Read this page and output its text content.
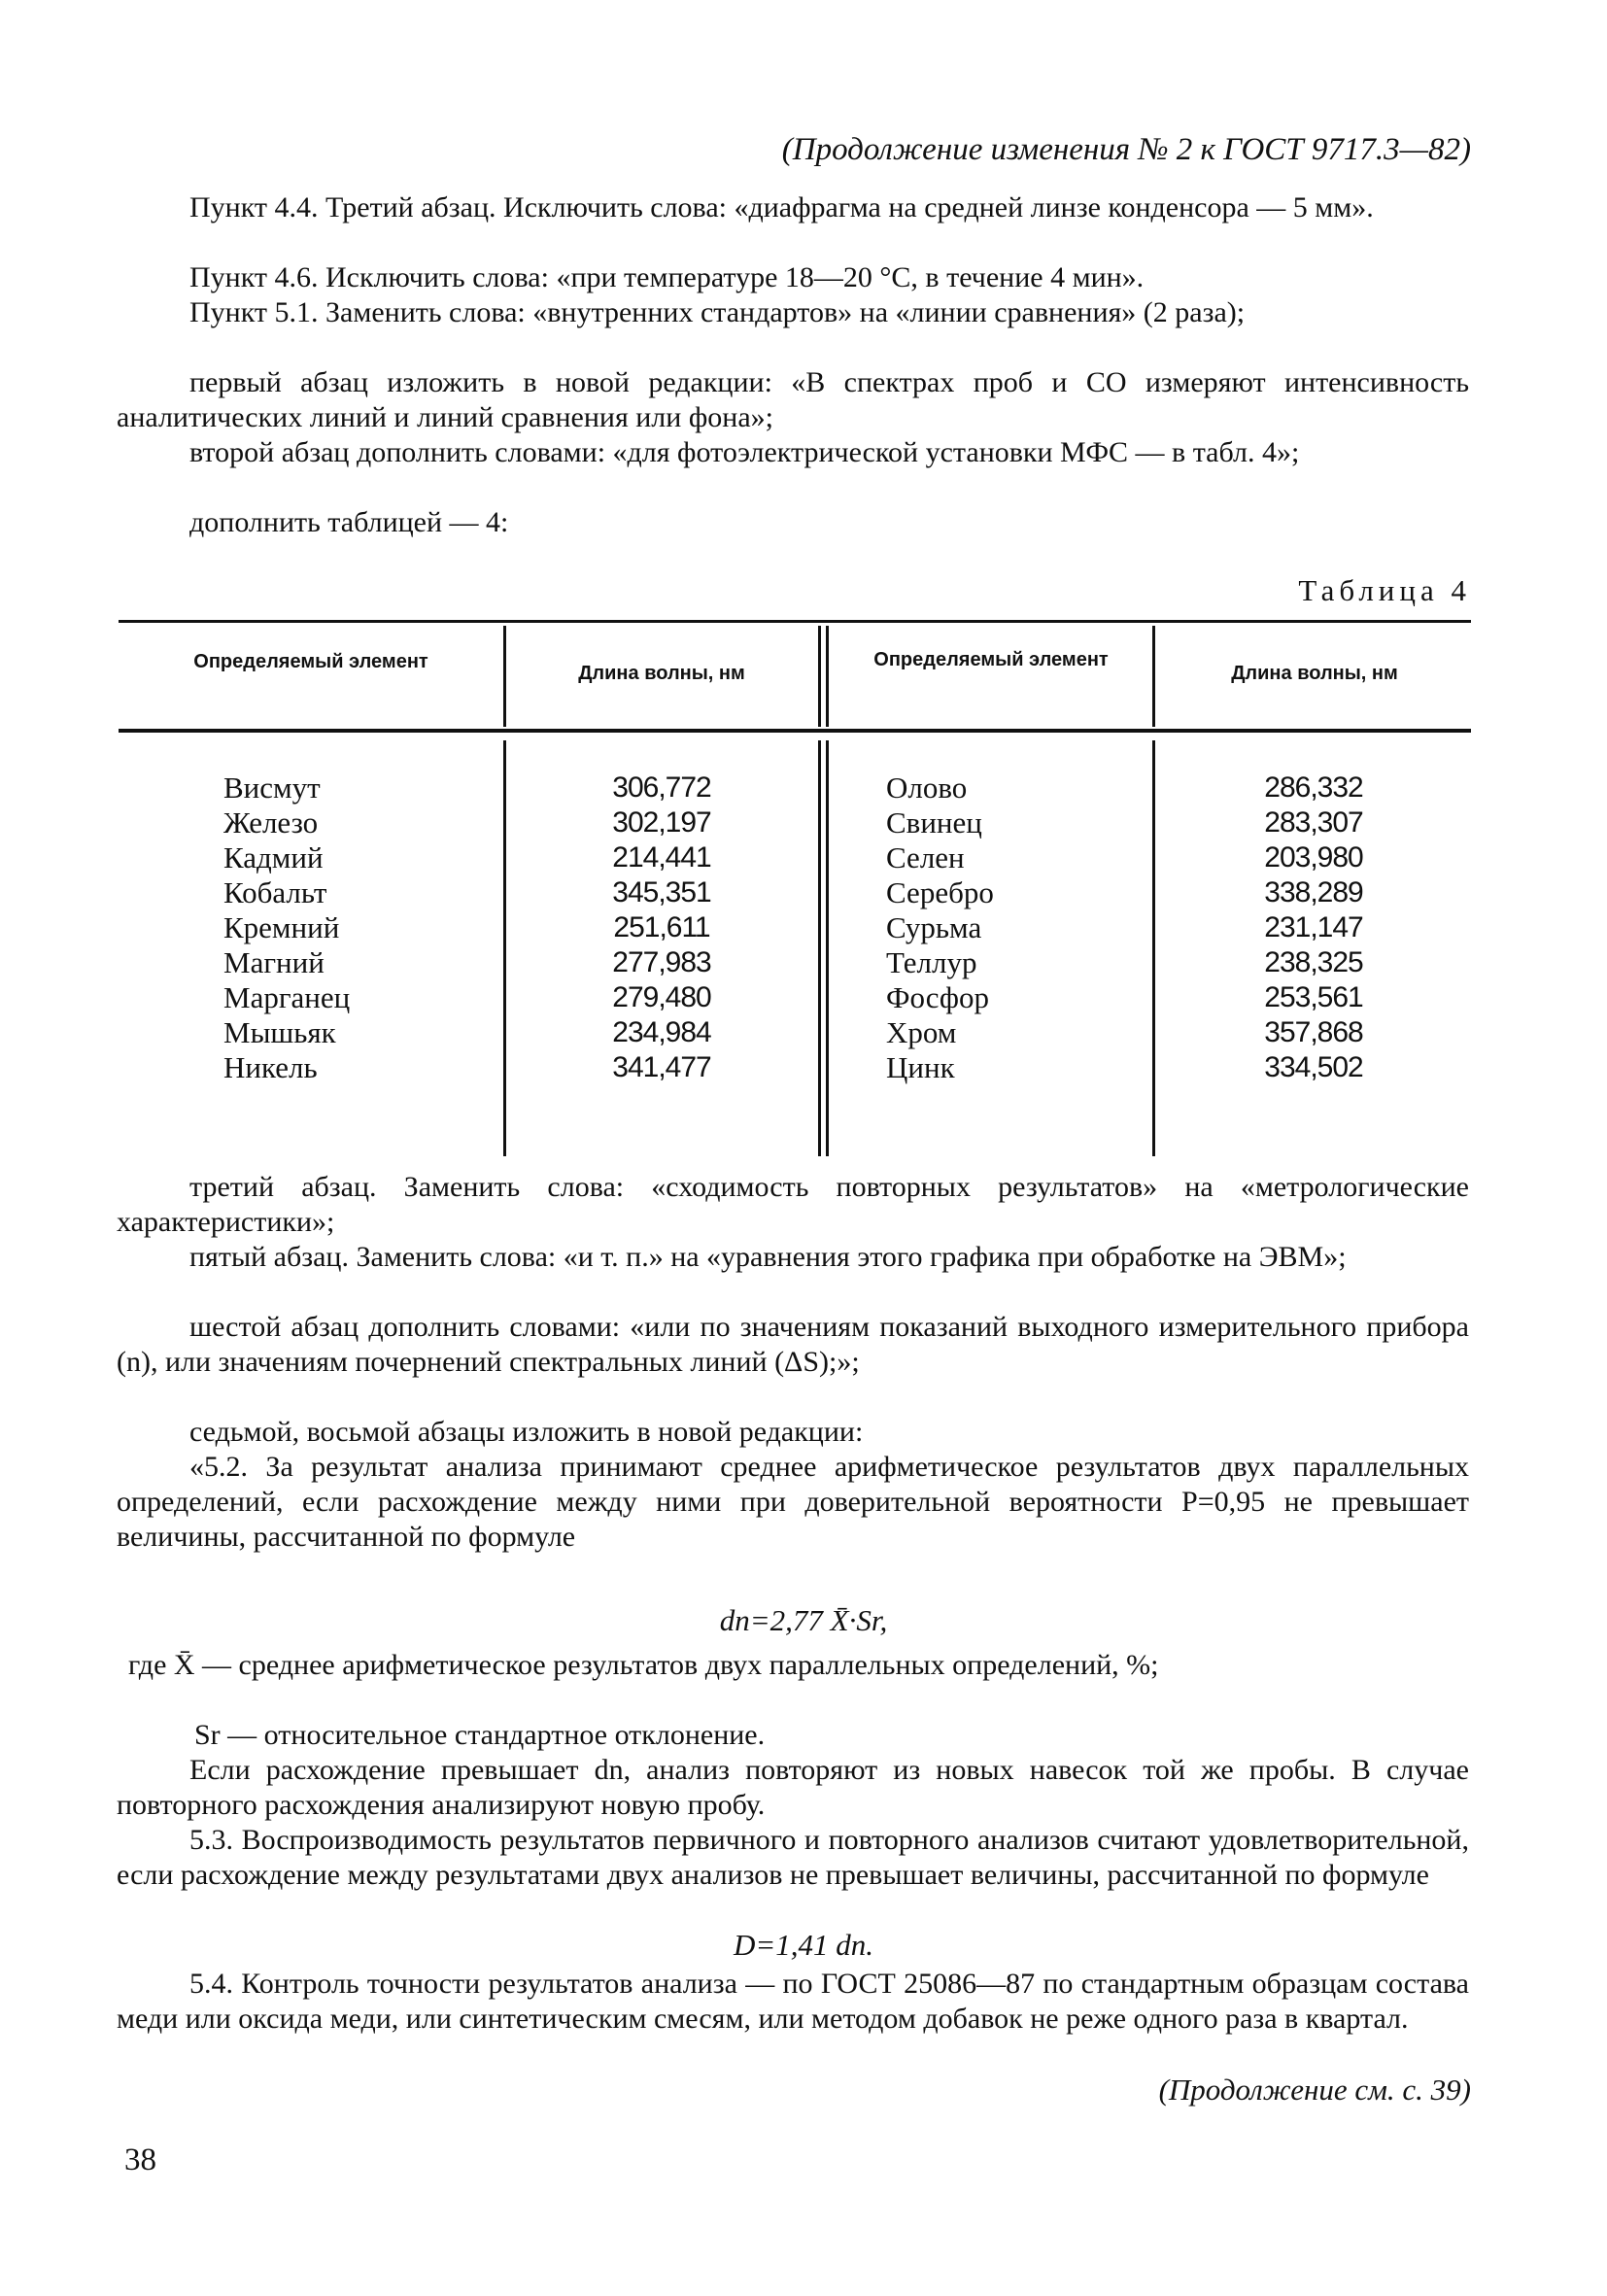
(Продолжение изменения № 2 к ГОСТ 9717.3—82)

Пункт 4.4. Третий абзац. Исключить слова: «диафрагма на средней линзе конденсора — 5 мм».

Пункт 4.6. Исключить слова: «при температуре 18—20 °С, в течение 4 мин».

Пункт 5.1. Заменить слова: «внутренних стандартов» на «линии сравнения» (2 раза);

первый абзац изложить в новой редакции: «В спектрах проб и СО измеряют интенсивность аналитических линий и линий сравнения или фона»;

второй абзац дополнить словами: «для фотоэлектрической установки МФС — в табл. 4»;

дополнить таблицей — 4:

Таблица 4
Определяемый элемент
Длина волны, нм
Определяемый элемент
Длина волны, нм
Висмут
Железо
Кадмий
Кобальт
Кремний
Магний
Марганец
Мышьяк
Никель
306,772
302,197
214,441
345,351
251,611
277,983
279,480
234,984
341,477
Олово
Свинец
Селен
Серебро
Сурьма
Теллур
Фосфор
Хром
Цинк
286,332
283,307
203,980
338,289
231,147
238,325
253,561
357,868
334,502

третий абзац. Заменить слова: «сходимость повторных результатов» на «метрологические характеристики»;

пятый абзац. Заменить слова: «и т. п.» на «уравнения этого графика при обработке на ЭВМ»;

шестой абзац дополнить словами: «или по значениям показаний выходного измерительного прибора (n), или значениям почернений спектральных линий (ΔS);»;

седьмой, восьмой абзацы изложить в новой редакции:

«5.2. За результат анализа принимают среднее арифметическое результатов двух параллельных определений, если расхождение между ними при доверительной вероятности P=0,95 не превышает величины, рассчитанной по формуле

dn=2,77 X̄·Sr,

где X̄ — среднее арифметическое результатов двух параллельных определений, %;

Sr — относительное стандартное отклонение.

Если расхождение превышает dn, анализ повторяют из новых навесок той же пробы. В случае повторного расхождения анализируют новую пробу.

5.3. Воспроизводимость результатов первичного и повторного анализов считают удовлетворительной, если расхождение между результатами двух анализов не превышает величины, рассчитанной по формуле

D=1,41 dn.

5.4. Контроль точности результатов анализа — по ГОСТ 25086—87 по стандартным образцам состава меди или оксида меди, или синтетическим смесям, или методом добавок не реже одного раза в квартал.

(Продолжение см. с. 39)
38
